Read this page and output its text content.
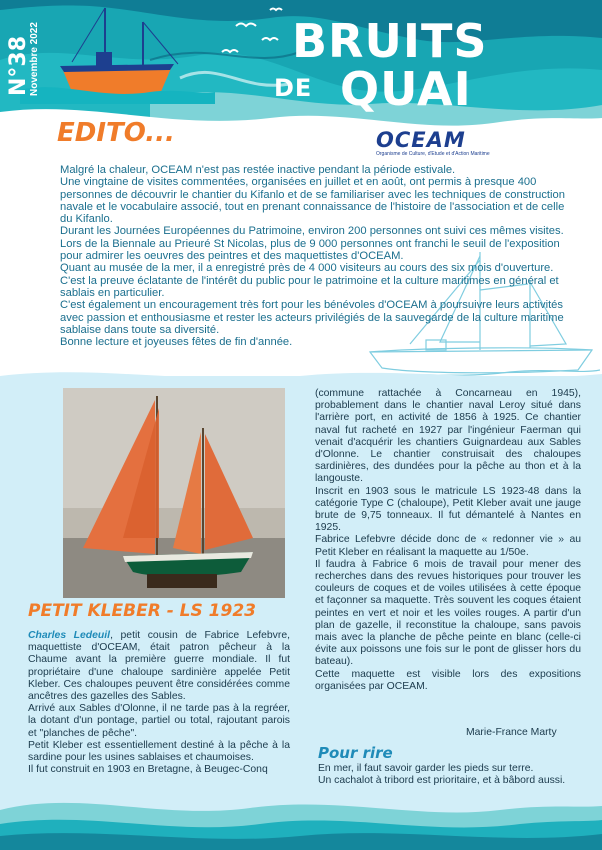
N°38
Novembre 2022	BRUITS
DE QUAI
EDITO...	OCEAM
Organisme de Culture, d'Etude et d'Action Maritime

Malgré la chaleur, OCEAM n'est pas restée inactive pendant la période estivale.

Une vingtaine de visites commentées, organisées en juillet et en août, ont permis à presque 400 personnes de découvrir le chantier du Kifanlo et de se familiariser avec les techniques de construction navale et le vocabulaire associé, tout en prenant connaissance de l'histoire de l'association et de celle du Kifanlo.

Durant les Journées Européennes du Patrimoine, environ 200 personnes ont suivi ces mêmes visites.

Lors de la Biennale au Prieuré St Nicolas, plus de 9 000 personnes ont franchi le seuil de l'exposition pour admirer les oeuvres des peintres et des maquettistes d'OCEAM.

Quant au musée de la mer, il a enregistré près de 4 000 visiteurs au cours des six mois d'ouverture.

C'est la preuve éclatante de l'intérêt du public pour le patrimoine et la culture maritimes en général et sablais en particulier.

C'est également un encouragement très fort pour les bénévoles d'OCEAM à poursuivre leurs activités avec passion et enthousiasme et rester les acteurs privilégiés de la sauvegarde de la culture maritime sablaise dans toute sa diversité.

Bonne lecture et joyeuses fêtes de fin d'année.

PETIT KLEBER - LS 1923

Charles Ledeuil, petit cousin de Fabrice Lefebvre, maquettiste d'OCEAM, était patron pêcheur à la Chaume avant la première guerre mondiale. Il fut propriétaire d'une chaloupe sardinière appelée Petit Kleber. Ces chaloupes peuvent être considérées comme ancêtres des gazelles des Sables.

Arrivé aux Sables d'Olonne, il ne tarde pas à la regréer, la dotant d'un pontage, partiel ou total, rajoutant parois et "planches de pêche".

Petit Kleber est essentiellement destiné à la pêche à la sardine pour les usines sablaises et chaumoises.

Il fut construit en 1903 en Bretagne, à Beugec-Conq

(commune rattachée à Concarneau en 1945), probablement dans le chantier naval Leroy situé dans l'arrière port, en activité de 1856 à 1925. Ce chantier naval fut racheté en 1927 par l'ingénieur Faerman qui venait d'acquérir les chantiers Guignardeau aux Sables d'Olonne. Le chantier construisait des chaloupes sardinières, des dundées pour la pêche au thon et à la langouste.

Inscrit en 1903 sous le matricule LS 1923-48 dans la catégorie Type C (chaloupe), Petit Kleber avait une jauge brute de 9,75 tonneaux. Il fut démantelé à Nantes en 1925.

Fabrice Lefebvre décide donc de « redonner vie » au Petit Kleber en réalisant la maquette au 1/50e.

Il faudra à Fabrice 6 mois de travail pour mener des recherches dans des revues historiques pour trouver les couleurs de coques et de voiles utilisées à cette époque et façonner sa maquette. Très souvent les coques étaient peintes en vert et noir et les voiles rouges. A partir d'un plan de gazelle, il reconstitue la chaloupe, sans pavois mais avec la planche de pêche peinte en blanc (celle-ci évite aux poissons une fois sur le pont de glisser hors du bateau).

Cette maquette est visible lors des expositions organisées par OCEAM.

Marie-France Marty
Pour rire

En mer, il faut savoir garder les pieds sur terre.

Un cachalot à tribord est prioritaire, et à bâbord aussi.
